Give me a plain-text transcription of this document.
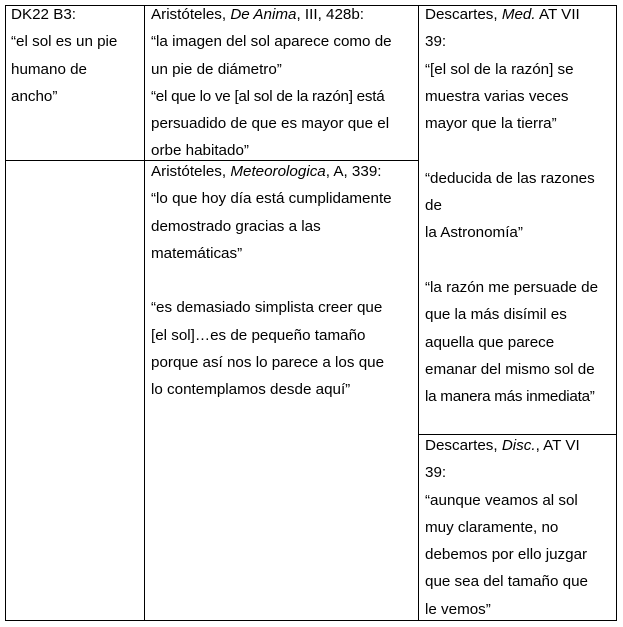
DK22 B3:

“el sol es un pie

humano de

ancho”

Aristóteles, De Anima, III, 428b:

“la imagen del sol aparece como de

un pie de diámetro”

“el que lo ve [al sol de la razón] está

persuadido de que es mayor que el

orbe habitado”

Aristóteles, Meteorologica, A, 339:

“lo que hoy día está cumplidamente

demostrado gracias a las

matemáticas”

“es demasiado simplista creer que

[el sol]…es de pequeño tamaño

porque así nos lo parece a los que

lo contemplamos desde aquí”

Descartes, Med. AT VII

39:

“[el sol de la razón] se

muestra varias veces

mayor que la tierra”

“deducida de las razones

de

la Astronomía”

“la razón me persuade de

que la más disímil es

aquella que parece

emanar del mismo sol de

la manera más inmediata”

Descartes, Disc., AT VI

39:

“aunque veamos al sol

muy claramente, no

debemos por ello juzgar

que sea del tamaño que

le vemos”
